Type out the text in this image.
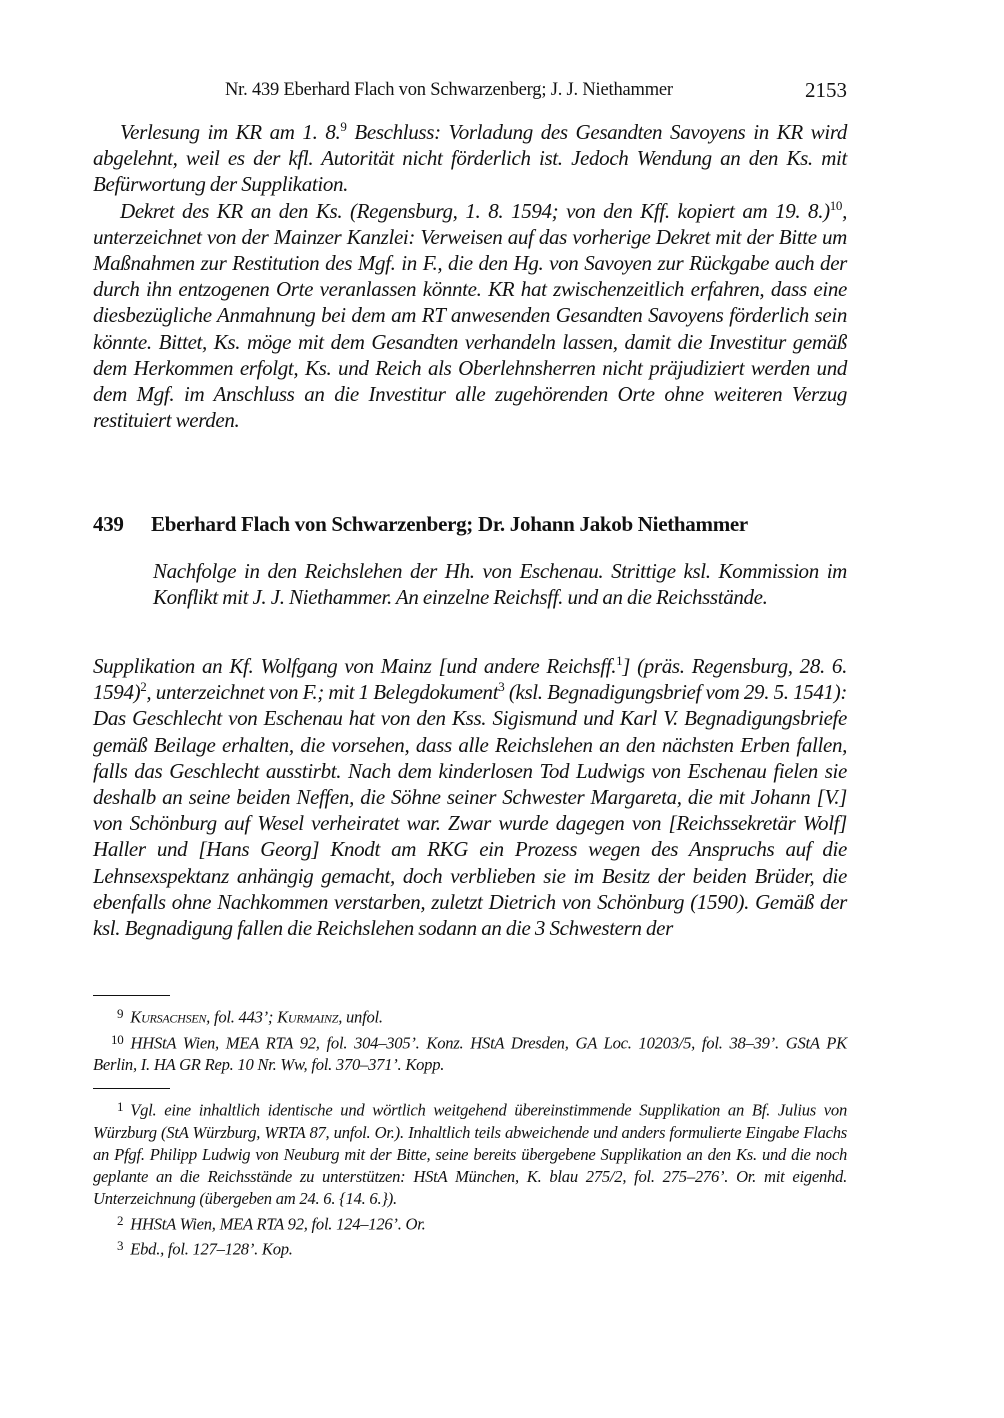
Nr. 439 Eberhard Flach von Schwarzenberg; J. J. Niethammer	2153

Verlesung im KR am 1. 8.$^9$ Beschluss: Vorladung des Gesandten Savoyens in KR wird abgelehnt, weil es der kfl. Autorität nicht förderlich ist. Jedoch Wendung an den Ks. mit Befürwortung der Supplikation.

Dekret des KR an den Ks. (Regensburg, 1. 8. 1594; von den Kff. kopiert am 19. 8.)$^{10}$, unterzeichnet von der Mainzer Kanzlei: Verweisen auf das vorherige Dekret mit der Bitte um Maßnahmen zur Restitution des Mgf. in F., die den Hg. von Savoyen zur Rückgabe auch der durch ihn entzogenen Orte veranlassen könnte. KR hat zwischenzeitlich erfahren, dass eine diesbezügliche Anmahnung bei dem am RT anwesenden Gesandten Savoyens förderlich sein könnte. Bittet, Ks. möge mit dem Gesandten verhandeln lassen, damit die Investitur gemäß dem Herkommen erfolgt, Ks. und Reich als Oberlehnsherren nicht präjudiziert werden und dem Mgf. im Anschluss an die Investitur alle zugehörenden Orte ohne weiteren Verzug restituiert werden.

439 Eberhard Flach von Schwarzenberg; Dr. Johann Jakob Niethammer

Nachfolge in den Reichslehen der Hh. von Eschenau. Strittige ksl. Kommission im Konflikt mit J. J. Niethammer. An einzelne Reichsff. und an die Reichsstände.

Supplikation an Kf. Wolfgang von Mainz [und andere Reichsff.$^1$] (präs. Regensburg, 28. 6. 1594)$^2$, unterzeichnet von F.; mit 1 Belegdokument$^3$ (ksl. Begnadigungsbrief vom 29. 5. 1541): Das Geschlecht von Eschenau hat von den Kss. Sigismund und Karl V. Begnadigungsbriefe gemäß Beilage erhalten, die vorsehen, dass alle Reichslehen an den nächsten Erben fallen, falls das Geschlecht ausstirbt. Nach dem kinderlosen Tod Ludwigs von Eschenau fielen sie deshalb an seine beiden Neffen, die Söhne seiner Schwester Margareta, die mit Johann [V.] von Schönburg auf Wesel verheiratet war. Zwar wurde dagegen von [Reichssekretär Wolf] Haller und [Hans Georg] Knodt am RKG ein Prozess wegen des Anspruchs auf die Lehnsexspektanz anhängig gemacht, doch verblieben sie im Besitz der beiden Brüder, die ebenfalls ohne Nachkommen verstarben, zuletzt Dietrich von Schönburg (1590). Gemäß der ksl. Begnadigung fallen die Reichslehen sodann an die 3 Schwestern der

$^9$ Kursachsen, fol. 443’; Kurmainz, unfol.

$^{10}$ HHStA Wien, MEA RTA 92, fol. 304–305’. Konz. HStA Dresden, GA Loc. 10203/5, fol. 38–39’. GStA PK Berlin, I. HA GR Rep. 10 Nr. Ww, fol. 370–371’. Kopp.

$^1$ Vgl. eine inhaltlich identische und wörtlich weitgehend übereinstimmende Supplikation an Bf. Julius von Würzburg (StA Würzburg, WRTA 87, unfol. Or.). Inhaltlich teils abweichende und anders formulierte Eingabe Flachs an Pfgf. Philipp Ludwig von Neuburg mit der Bitte, seine bereits übergebene Supplikation an den Ks. und die noch geplante an die Reichsstände zu unterstützen: HStA München, K. blau 275/2, fol. 275–276’. Or. mit eigenhd. Unterzeichnung (übergeben am 24. 6. {14. 6.}).

$^2$ HHStA Wien, MEA RTA 92, fol. 124–126’. Or.

$^3$ Ebd., fol. 127–128’. Kop.
